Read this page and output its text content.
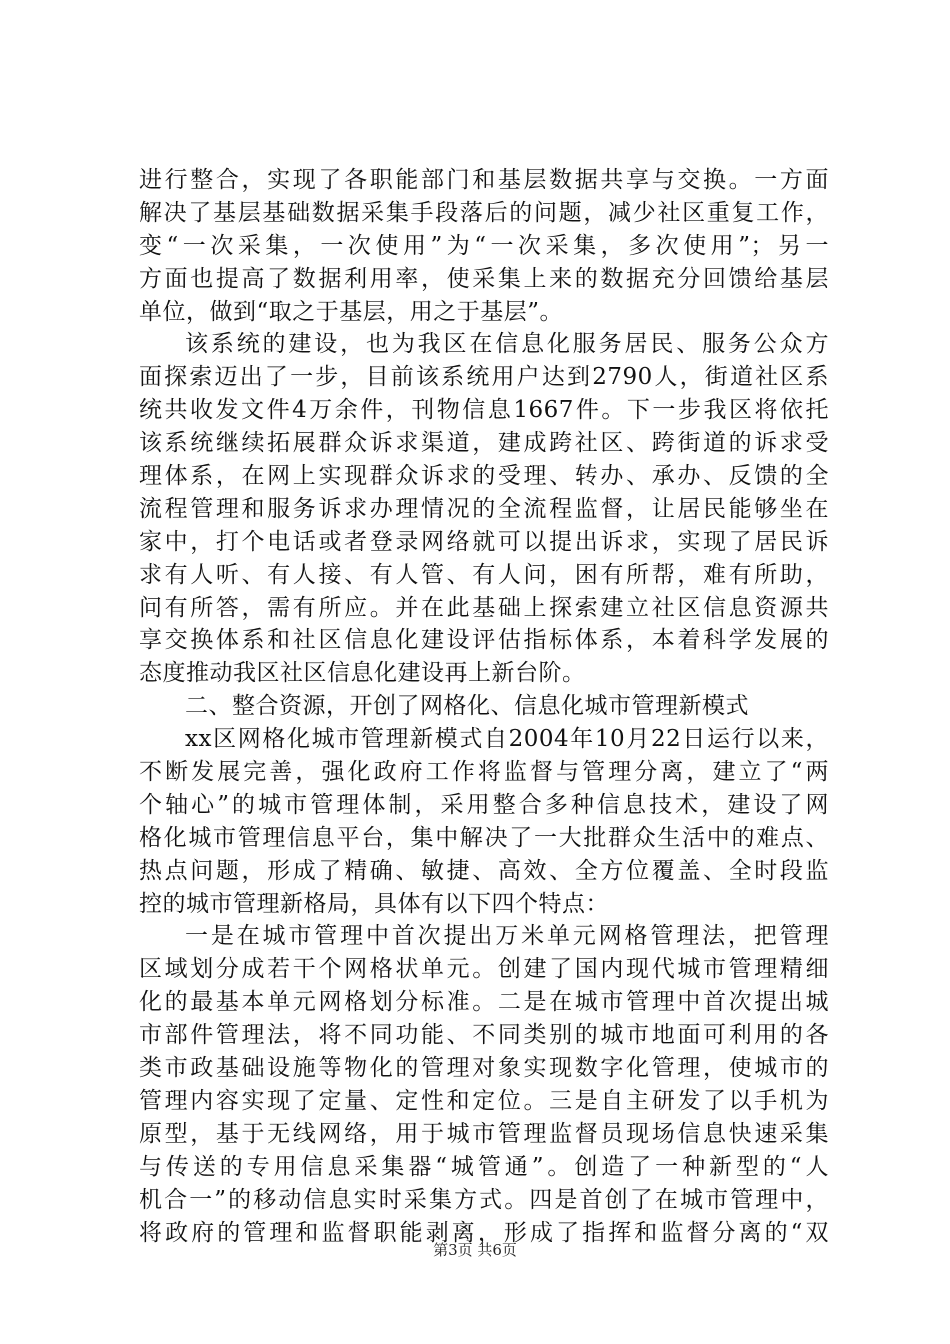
进行整合，实现了各职能部门和基层数据共享与交换。一方面
解决了基层基础数据采集手段落后的问题，减少社区重复工作，
变“一次采集，一次使用”为“一次采集，多次使用”；另一
方面也提高了数据利用率，使采集上来的数据充分回馈给基层
单位，做到“取之于基层，用之于基层”。
该系统的建设，也为我区在信息化服务居民、服务公众方
面探索迈出了一步，目前该系统用户达到2790人，街道社区系
统共收发文件4万余件，刊物信息1667件。下一步我区将依托
该系统继续拓展群众诉求渠道，建成跨社区、跨街道的诉求受
理体系，在网上实现群众诉求的受理、转办、承办、反馈的全
流程管理和服务诉求办理情况的全流程监督，让居民能够坐在
家中，打个电话或者登录网络就可以提出诉求，实现了居民诉
求有人听、有人接、有人管、有人问，困有所帮，难有所助，
问有所答，需有所应。并在此基础上探索建立社区信息资源共
享交换体系和社区信息化建设评估指标体系，本着科学发展的
态度推动我区社区信息化建设再上新台阶。
二、整合资源，开创了网格化、信息化城市管理新模式
xx区网格化城市管理新模式自2004年10月22日运行以来，
不断发展完善，强化政府工作将监督与管理分离，建立了“两
个轴心”的城市管理体制，采用整合多种信息技术，建设了网
格化城市管理信息平台，集中解决了一大批群众生活中的难点、
热点问题，形成了精确、敏捷、高效、全方位覆盖、全时段监
控的城市管理新格局，具体有以下四个特点：
一是在城市管理中首次提出万米单元网格管理法，把管理
区域划分成若干个网格状单元。创建了国内现代城市管理精细
化的最基本单元网格划分标准。二是在城市管理中首次提出城
市部件管理法，将不同功能、不同类别的城市地面可利用的各
类市政基础设施等物化的管理对象实现数字化管理，使城市的
管理内容实现了定量、定性和定位。三是自主研发了以手机为
原型，基于无线网络，用于城市管理监督员现场信息快速采集
与传送的专用信息采集器“城管通”。创造了一种新型的“人
机合一”的移动信息实时采集方式。四是首创了在城市管理中，
将政府的管理和监督职能剥离，形成了指挥和监督分离的“双
第3页 共6页
